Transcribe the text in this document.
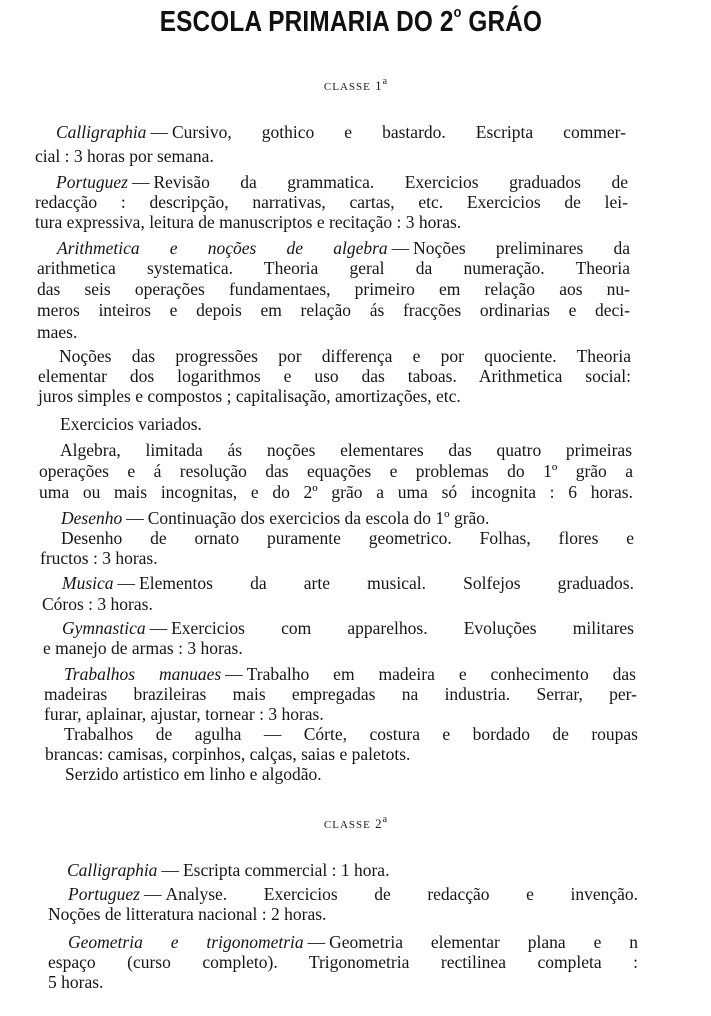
ESCOLA PRIMARIA DO 2$^o$ GRÁO
classe 1$^a$
Calligraphia — Cursivo, gothico e bastardo. Escripta commer-
cial : 3 horas por semana.
Portuguez — Revisão da grammatica. Exercicios graduados de
redacção : descripção, narrativas, cartas, etc. Exercicios de lei-
tura expressiva, leitura de manuscriptos e recitação : 3 horas.
Arithmetica e noções de algebra — Noções preliminares da
arithmetica systematica. Theoria geral da numeração. Theoria
das seis operações fundamentaes, primeiro em relação aos nu-
meros inteiros e depois em relação ás fracções ordinarias e deci-
maes.
Noções das progressões por differença e por quociente. Theoria
elementar dos logarithmos e uso das taboas. Arithmetica social:
juros simples e compostos ; capitalisação, amortizações, etc.
Exercicios variados.
Algebra, limitada ás noções elementares das quatro primeiras
operações e á resolução das equações e problemas do 1º grão a
uma ou mais incognitas, e do 2º grão a uma só incognita : 6 horas.
Desenho — Continuação dos exercicios da escola do 1º grão.
Desenho de ornato puramente geometrico. Folhas, flores e
fructos : 3 horas.
Musica — Elementos da arte musical. Solfejos graduados.
Córos : 3 horas.
Gymnastica — Exercicios com apparelhos. Evoluções militares
e manejo de armas : 3 horas.
Trabalhos manuaes — Trabalho em madeira e conhecimento das
madeiras brazileiras mais empregadas na industria. Serrar, per-
furar, aplainar, ajustar, tornear : 3 horas.
Trabalhos de agulha — Córte, costura e bordado de roupas
brancas: camisas, corpinhos, calças, saias e paletots.
Serzido artistico em linho e algodão.
classe 2$^a$
Calligraphia — Escripta commercial : 1 hora.
Portuguez — Analyse. Exercicios de redacção e invenção.
Noções de litteratura nacional : 2 horas.
Geometria e trigonometria — Geometria elementar plana e n
espaço (curso completo). Trigonometria rectilinea completa :
5 horas.
